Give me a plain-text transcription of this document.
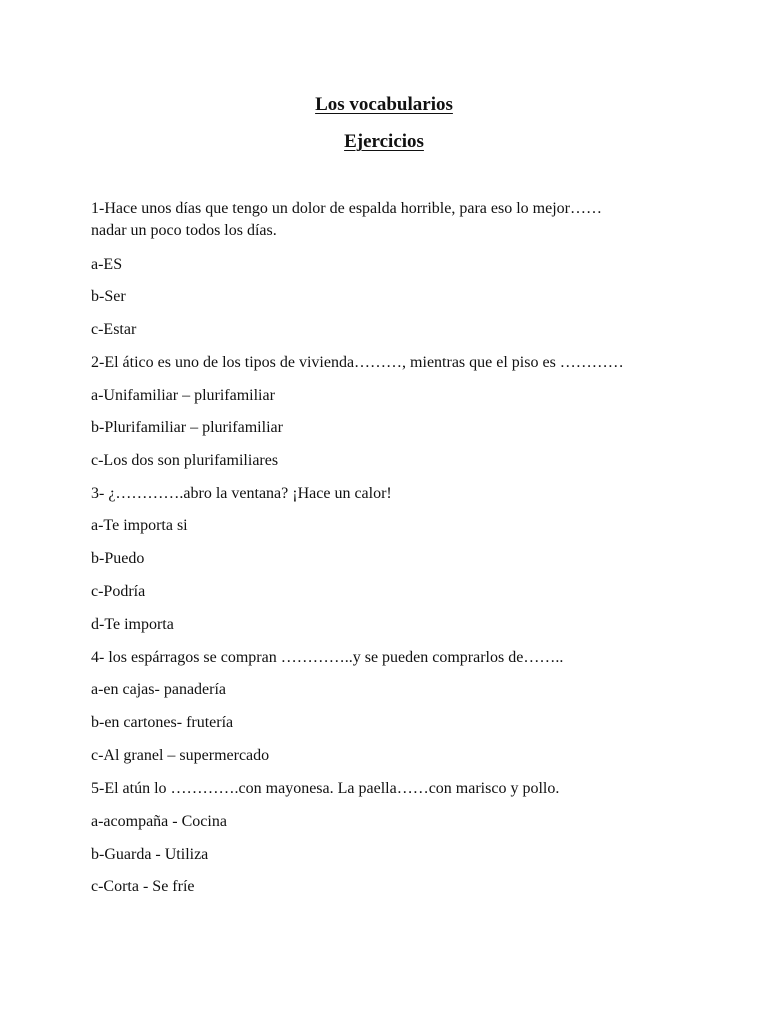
Los vocabularios
Ejercicios
1-Hace unos días que tengo un dolor de espalda horrible, para eso lo mejor……nadar un poco todos los días.
a-ES
b-Ser
c-Estar
2-El ático es uno de los tipos de vivienda………, mientras que el piso es …………
a-Unifamiliar – plurifamiliar
b-Plurifamiliar – plurifamiliar
c-Los dos son plurifamiliares
3- ¿………….abro la ventana? ¡Hace un calor!
a-Te importa si
b-Puedo
c-Podría
d-Te importa
4- los espárragos se compran …………..y se pueden comprarlos de……..
a-en cajas- panadería
b-en cartones- frutería
c-Al granel – supermercado
5-El atún lo ………….con mayonesa. La paella……con marisco y pollo.
a-acompaña - Cocina
b-Guarda - Utiliza
c-Corta - Se fríe
